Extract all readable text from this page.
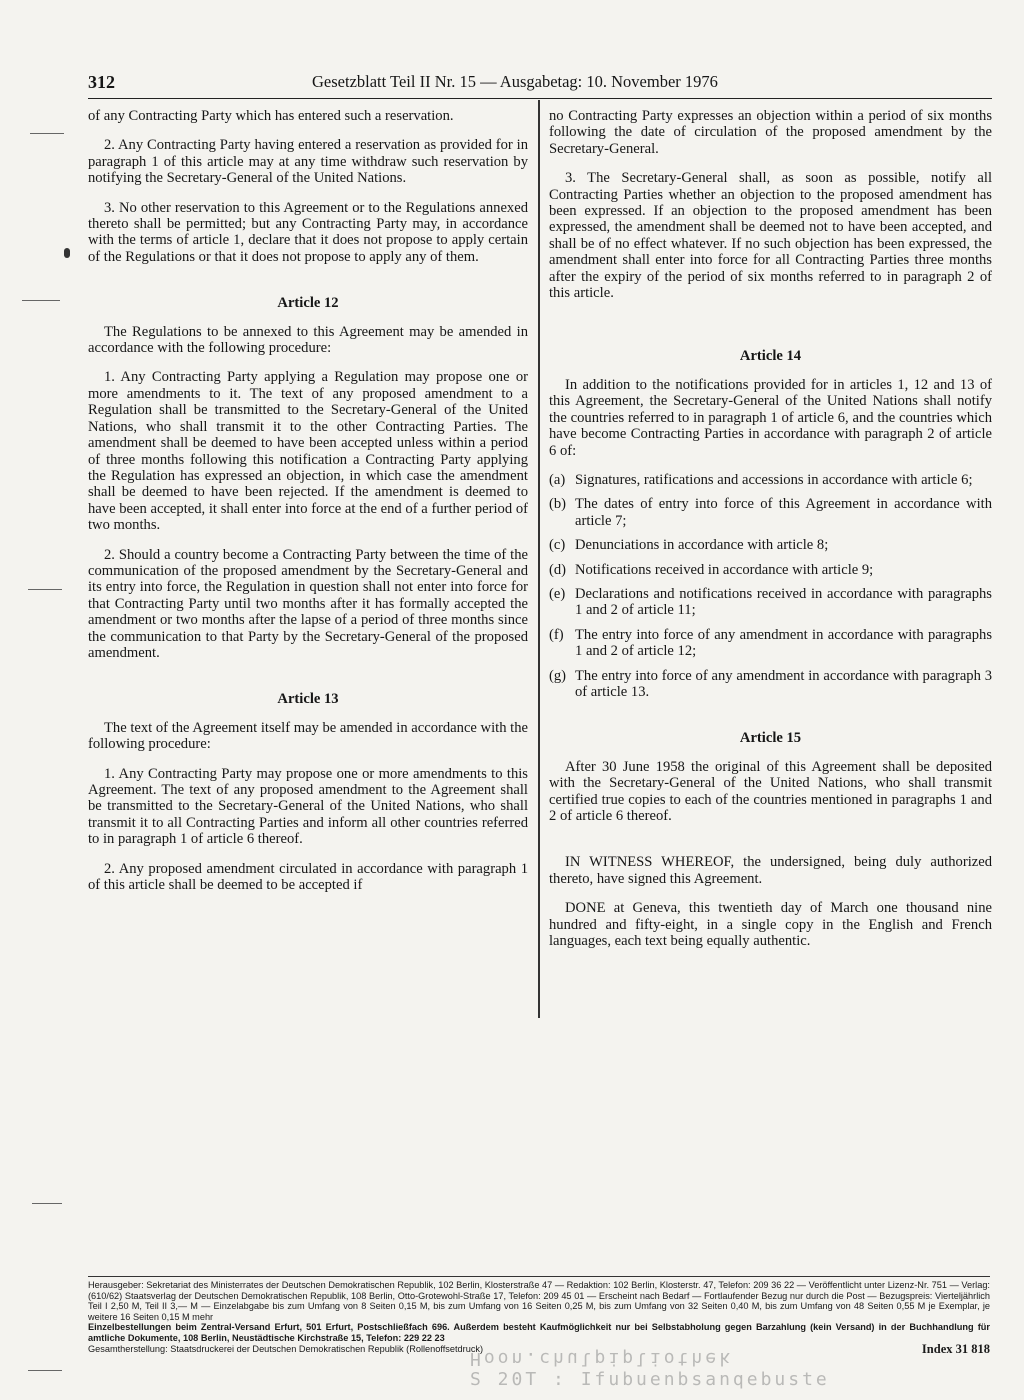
312	Gesetzblatt Teil II Nr. 15 — Ausgabetag: 10. November 1976

of any Contracting Party which has entered such a reservation.

2. Any Contracting Party having entered a reservation as provided for in paragraph 1 of this article may at any time withdraw such reservation by notifying the Secretary-General of the United Nations.

3. No other reservation to this Agreement or to the Regulations annexed thereto shall be permitted; but any Contracting Party may, in accordance with the terms of article 1, declare that it does not propose to apply certain of the Regulations or that it does not propose to apply any of them.

Article 12

The Regulations to be annexed to this Agreement may be amended in accordance with the following procedure:

1. Any Contracting Party applying a Regulation may propose one or more amendments to it. The text of any proposed amendment to a Regulation shall be transmitted to the Secretary-General of the United Nations, who shall transmit it to the other Contracting Parties. The amendment shall be deemed to have been accepted unless within a period of three months following this notification a Contracting Party applying the Regulation has expressed an objection, in which case the amendment shall be deemed to have been rejected. If the amendment is deemed to have been accepted, it shall enter into force at the end of a further period of two months.

2. Should a country become a Contracting Party between the time of the communication of the proposed amendment by the Secretary-General and its entry into force, the Regulation in question shall not enter into force for that Contracting Party until two months after it has formally accepted the amendment or two months after the lapse of a period of three months since the communication to that Party by the Secretary-General of the proposed amendment.

Article 13

The text of the Agreement itself may be amended in accordance with the following procedure:

1. Any Contracting Party may propose one or more amendments to this Agreement. The text of any proposed amendment to the Agreement shall be transmitted to the Secretary-General of the United Nations, who shall transmit it to all Contracting Parties and inform all other countries referred to in paragraph 1 of article 6 thereof.

2. Any proposed amendment circulated in accordance with paragraph 1 of this article shall be deemed to be accepted if

no Contracting Party expresses an objection within a period of six months following the date of circulation of the proposed amendment by the Secretary-General.

3. The Secretary-General shall, as soon as possible, notify all Contracting Parties whether an objection to the proposed amendment has been expressed. If an objection to the proposed amendment has been expressed, the amendment shall be deemed not to have been accepted, and shall be of no effect whatever. If no such objection has been expressed, the amendment shall enter into force for all Contracting Parties three months after the expiry of the period of six months referred to in paragraph 2 of this article.

Article 14

In addition to the notifications provided for in articles 1, 12 and 13 of this Agreement, the Secretary-General of the United Nations shall notify the countries referred to in paragraph 1 of article 6, and the countries which have become Contracting Parties in accordance with paragraph 2 of article 6 of:

(a) Signatures, ratifications and accessions in accordance with article 6;
(b) The dates of entry into force of this Agreement in accordance with article 7;
(c) Denunciations in accordance with article 8;
(d) Notifications received in accordance with article 9;
(e) Declarations and notifications received in accordance with paragraphs 1 and 2 of article 11;
(f) The entry into force of any amendment in accordance with paragraphs 1 and 2 of article 12;
(g) The entry into force of any amendment in accordance with paragraph 3 of article 13.
Article 15

After 30 June 1958 the original of this Agreement shall be deposited with the Secretary-General of the United Nations, who shall transmit certified true copies to each of the countries mentioned in paragraphs 1 and 2 of article 6 thereof.

IN WITNESS WHEREOF, the undersigned, being duly authorized thereto, have signed this Agreement.

DONE at Geneva, this twentieth day of March one thousand nine hundred and fifty-eight, in a single copy in the English and French languages, each text being equally authentic.

Herausgeber: Sekretariat des Ministerrates der Deutschen Demokratischen Republik, 102 Berlin, Klosterstraße 47 — Redaktion: 102 Berlin, Klosterstr. 47, Telefon: 209 36 22 — Veröffentlicht unter Lizenz-Nr. 751 — Verlag: (610/62) Staatsverlag der Deutschen Demokratischen Republik, 108 Berlin, Otto-Grotewohl-Straße 17, Telefon: 209 45 01 — Erscheint nach Bedarf — Fortlaufender Bezug nur durch die Post — Bezugspreis: Vierteljährlich Teil I 2,50 M, Teil II 3,— M — Einzelabgabe bis zum Umfang von 8 Seiten 0,15 M, bis zum Umfang von 16 Seiten 0,25 M, bis zum Umfang von 32 Seiten 0,40 M, bis zum Umfang von 48 Seiten 0,55 M je Exemplar, je weitere 16 Seiten 0,15 M mehr
Einzelbestellungen beim Zentral-Versand Erfurt, 501 Erfurt, Postschließfach 696. Außerdem besteht Kaufmöglichkeit nur bei Selbstabholung gegen Barzahlung (kein Versand) in der Buchhandlung für amtliche Dokumente, 108 Berlin, Neustädtische Kirchstraße 15, Telefon: 229 22 23
Gesamtherstellung: Staatsdruckerei der Deutschen Demokratischen Republik (Rollenoffsetdruck)	Index 31 818
Hoon.chulpipliothek
S 20T : Ifubuenbsanqebuste
